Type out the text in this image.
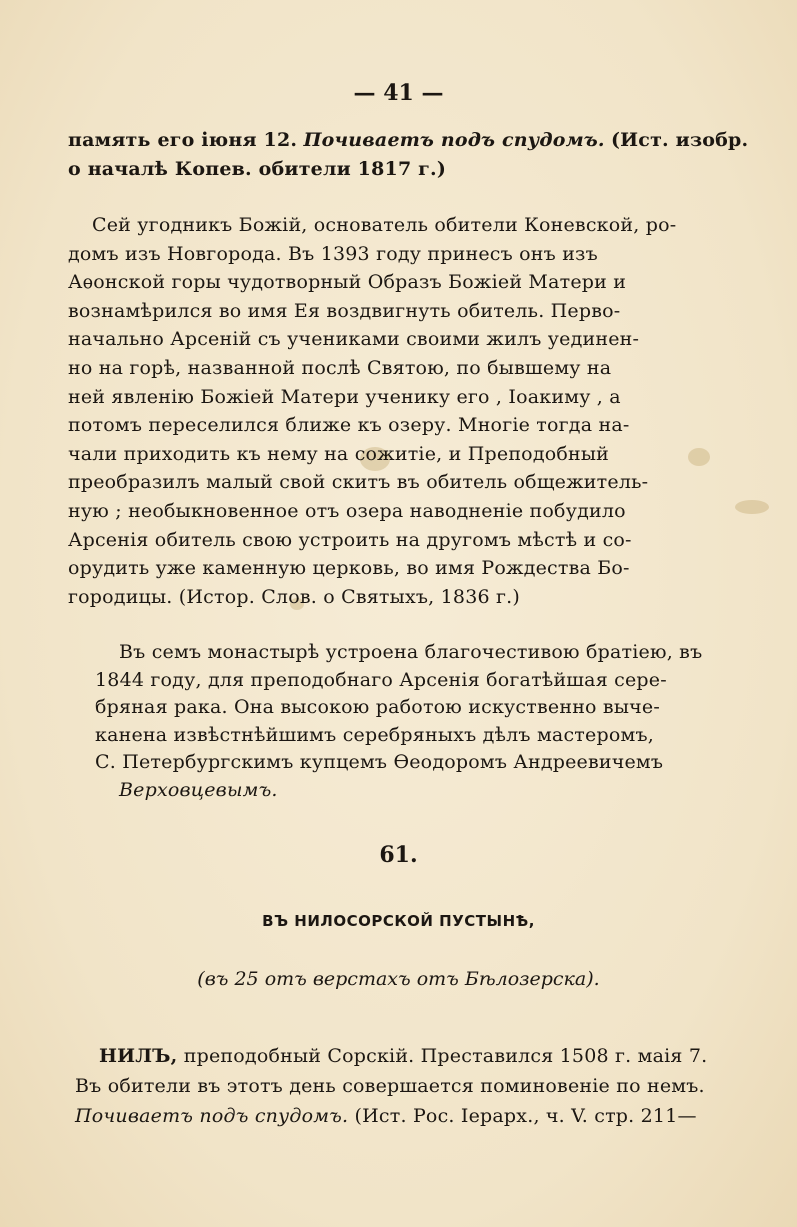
— 41 —
память его iюня 12. Почиваетъ подъ спудомъ. (Ист. изобр.
о началѣ Копев. обители 1817 г.)
Сей угодникъ Божiй, основатель обители Коневской, ро-
домъ изъ Новгорода. Въ 1393 году принесъ онъ изъ
Аѳонской горы чудотворный Образъ Божiей Матери и
вознамѣрился во имя Ея воздвигнуть обитель. Перво-
начально Арсенiй съ учениками своими жилъ уединен-
но на горѣ, названной послѣ Святою, по бывшему на
ней явленiю Божiей Матери ученику его , Iоакиму , а
потомъ переселился ближе къ озеру. Многiе тогда на-
чали приходить къ нему на сожитiе, и Преподобный
преобразилъ малый свой скитъ въ обитель общежитель-
ную ; необыкновенное отъ озера наводненiе побудило
Арсенiя обитель свою устроить на другомъ мѣстѣ и со-
орудить уже каменную церковь, во имя Рождества Бо-
городицы. (Истор. Слов. о Святыхъ, 1836 г.)
Въ семъ монастырѣ устроена благочестивою братiею, въ
1844 году, для преподобнаго Арсенiя богатѣйшая сере-
бряная рака. Она высокою работою искуственно выче-
канена извѣстнѣйшимъ серебряныхъ дѣлъ мастеромъ,
С. Петербургскимъ купцемъ Ѳеодоромъ Андреевичемъ
Верховцевымъ.
61.
ВЪ НИЛОСОРСКОЙ ПУСТЫНѢ,
(въ 25 отъ верстахъ отъ Бѣлозерска).
НИЛЪ, преподобный Сорскiй. Преставился 1508 г. маiя 7.
Въ обители въ этотъ день совершается поминовенiе по немъ.
Почиваетъ подъ спудомъ. (Ист. Рос. Iерарх., ч. V. стр. 211—
